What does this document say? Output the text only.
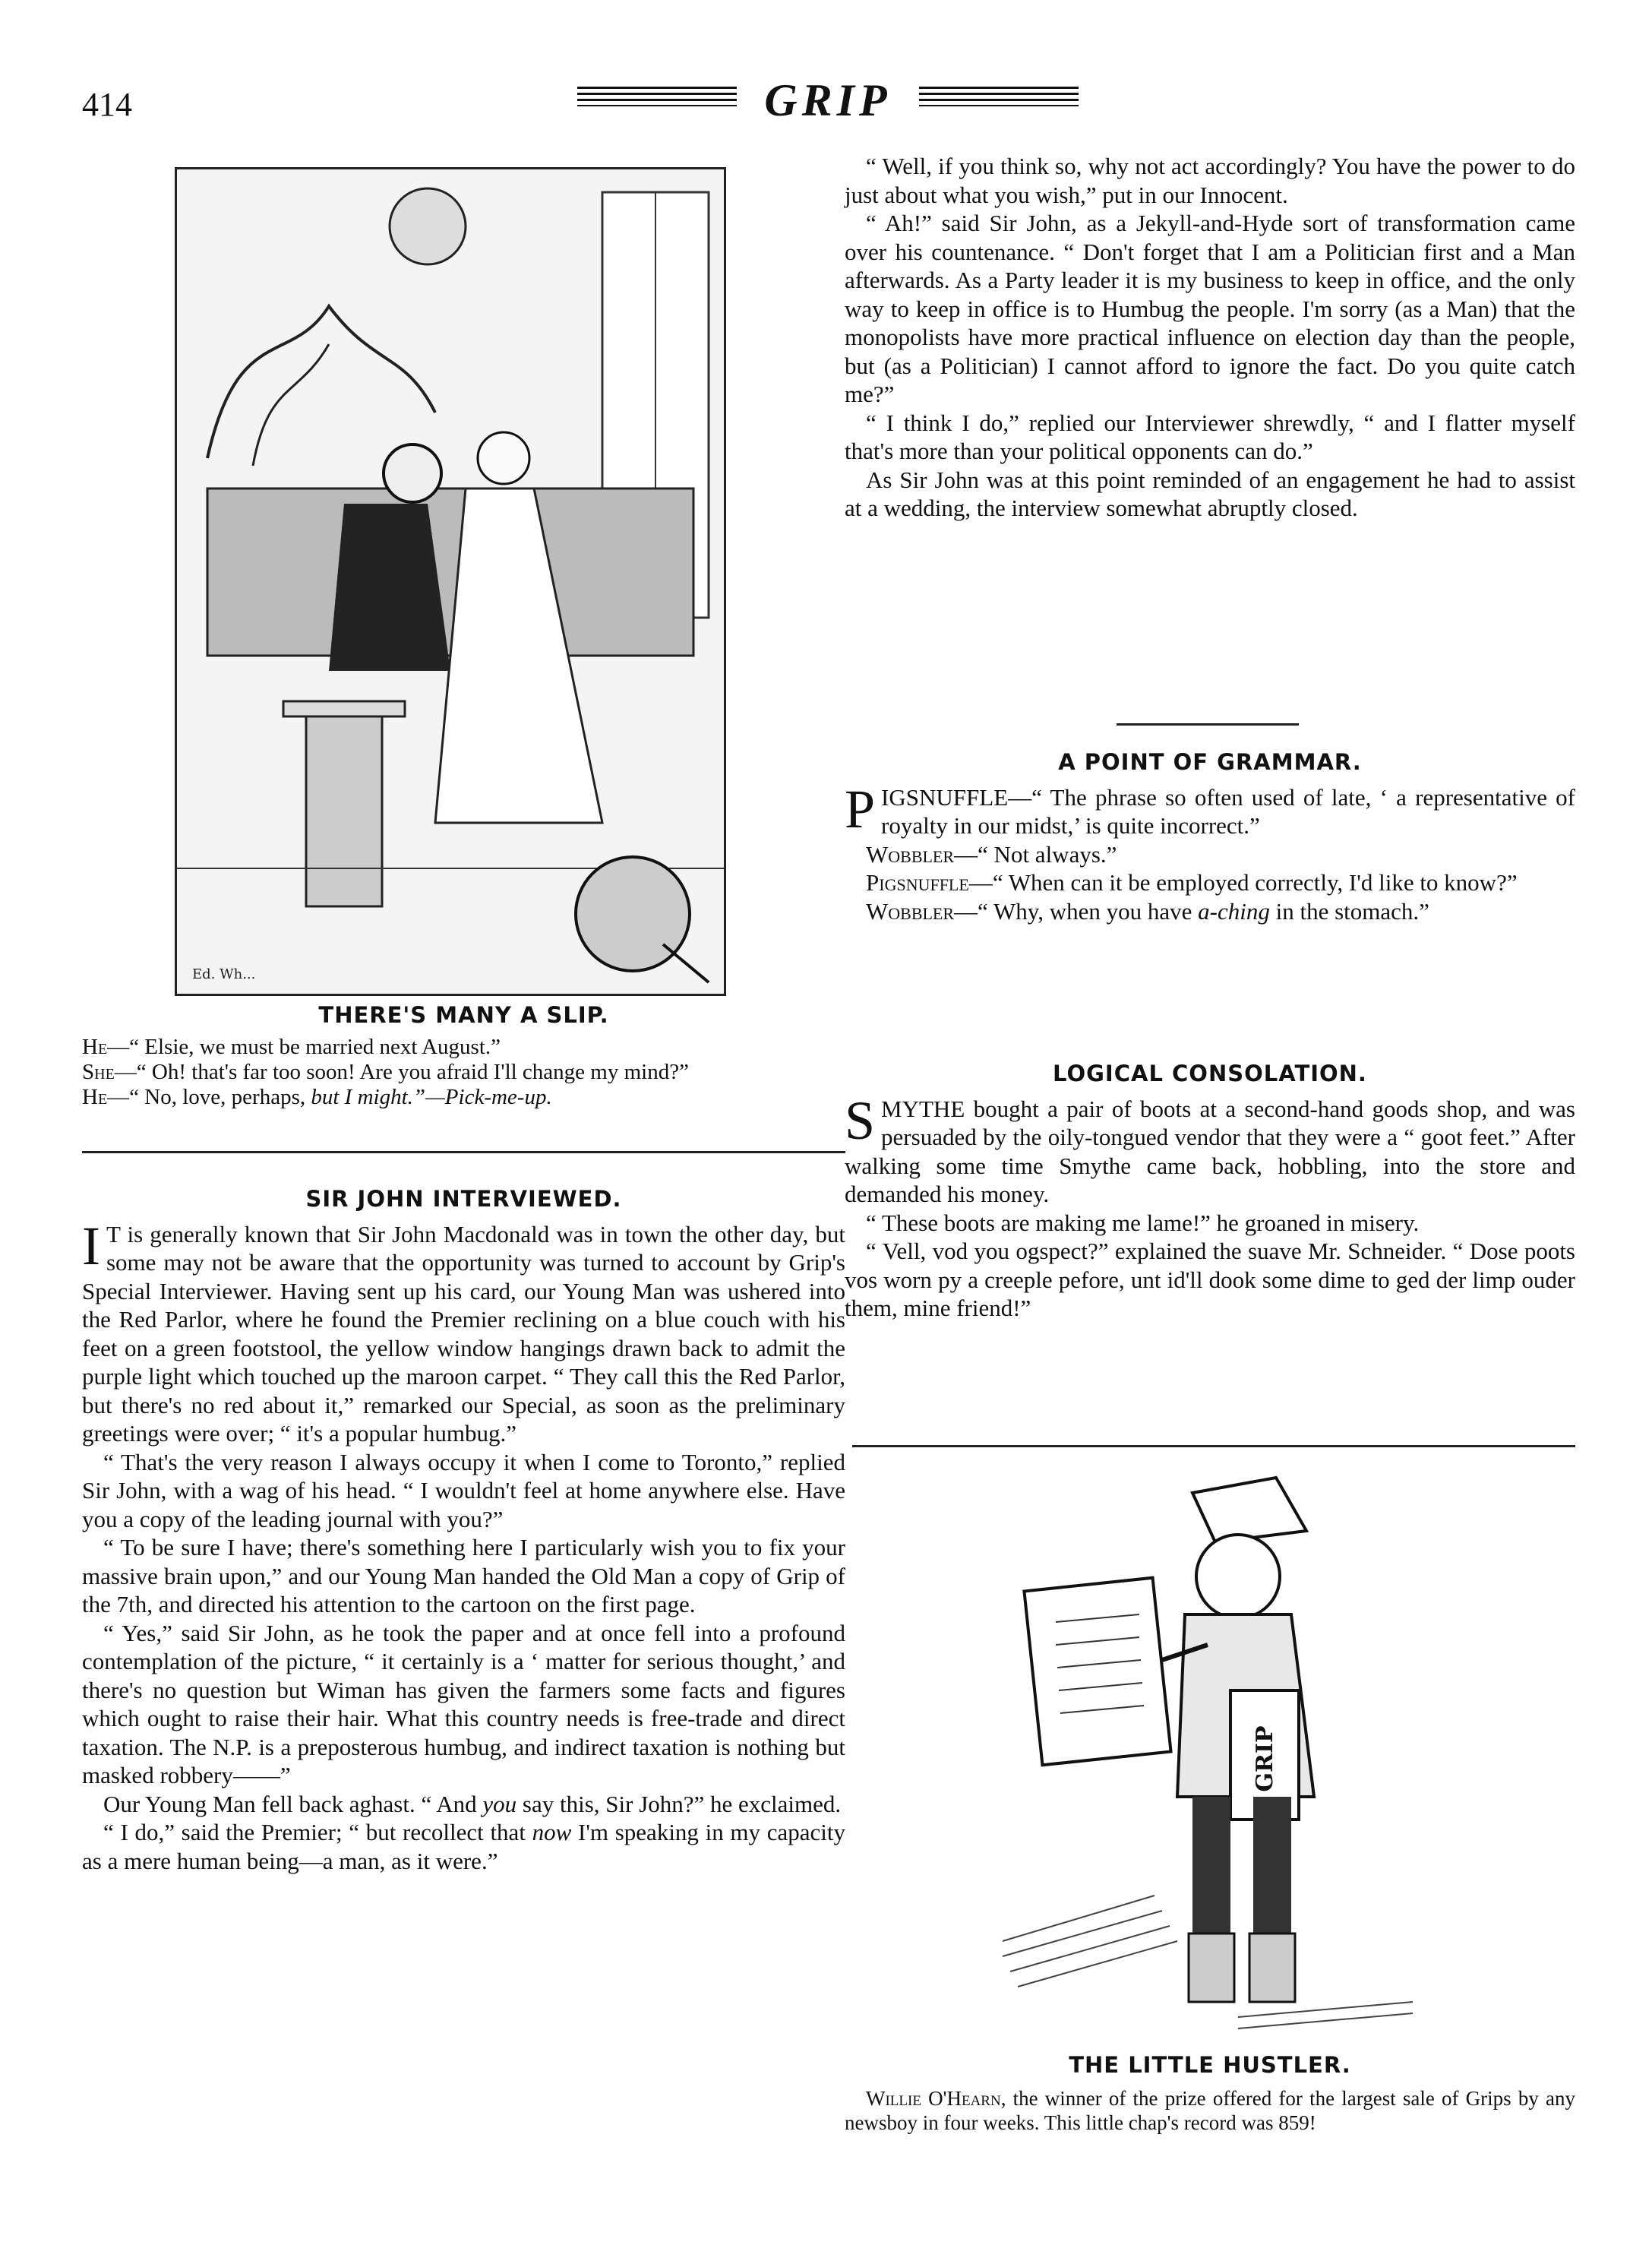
414	GRIP
Ed. Wh...
THERE'S MANY A SLIP.

He—“ Elsie, we must be married next August.”

She—“ Oh! that's far too soon! Are you afraid I'll change my mind?”

He—“ No, love, perhaps, but I might.”—Pick-me-up.

SIR JOHN INTERVIEWED.

I T is generally known that Sir John Macdonald was in town the other day, but some may not be aware that the opportunity was turned to account by Grip's Special Interviewer. Having sent up his card, our Young Man was ushered into the Red Parlor, where he found the Premier reclining on a blue couch with his feet on a green footstool, the yellow window hangings drawn back to admit the purple light which touched up the maroon carpet. “ They call this the Red Parlor, but there's no red about it,” remarked our Special, as soon as the preliminary greetings were over; “ it's a popular humbug.”

“ That's the very reason I always occupy it when I come to Toronto,” replied Sir John, with a wag of his head. “ I wouldn't feel at home anywhere else. Have you a copy of the leading journal with you?”

“ To be sure I have; there's something here I particularly wish you to fix your massive brain upon,” and our Young Man handed the Old Man a copy of Grip of the 7th, and directed his attention to the cartoon on the first page.

“ Yes,” said Sir John, as he took the paper and at once fell into a profound contemplation of the picture, “ it certainly is a ‘ matter for serious thought,’ and there's no question but Wiman has given the farmers some facts and figures which ought to raise their hair. What this country needs is free-trade and direct taxation. The N.P. is a preposterous humbug, and indirect taxation is nothing but masked robbery——”

Our Young Man fell back aghast. “ And you say this, Sir John?” he exclaimed.

“ I do,” said the Premier; “ but recollect that now I'm speaking in my capacity as a mere human being—a man, as it were.”

“ Well, if you think so, why not act accordingly? You have the power to do just about what you wish,” put in our Innocent.

“ Ah!” said Sir John, as a Jekyll-and-Hyde sort of transformation came over his countenance. “ Don't forget that I am a Politician first and a Man afterwards. As a Party leader it is my business to keep in office, and the only way to keep in office is to Humbug the people. I'm sorry (as a Man) that the monopolists have more practical influence on election day than the people, but (as a Politician) I cannot afford to ignore the fact. Do you quite catch me?”

“ I think I do,” replied our Interviewer shrewdly, “ and I flatter myself that's more than your political opponents can do.”

As Sir John was at this point reminded of an engagement he had to assist at a wedding, the interview somewhat abruptly closed.

A POINT OF GRAMMAR.

PIGSNUFFLE—“ The phrase so often used of late, ‘ a representative of royalty in our midst,’ is quite incorrect.”

Wobbler—“ Not always.”

Pigsnuffle—“ When can it be employed correctly, I'd like to know?”

Wobbler—“ Why, when you have a-ching in the stomach.”

LOGICAL CONSOLATION.

SMYTHE bought a pair of boots at a second-hand goods shop, and was persuaded by the oily-tongued vendor that they were a “ goot feet.” After walking some time Smythe came back, hobbling, into the store and demanded his money.

“ These boots are making me lame!” he groaned in misery.

“ Vell, vod you ogspect?” explained the suave Mr. Schneider. “ Dose poots vos worn py a creeple pefore, unt id'll dook some dime to ged der limp ouder them, mine friend!”

GRIP
THE LITTLE HUSTLER.

Willie O'Hearn, the winner of the prize offered for the largest sale of Grips by any newsboy in four weeks. This little chap's record was 859!
